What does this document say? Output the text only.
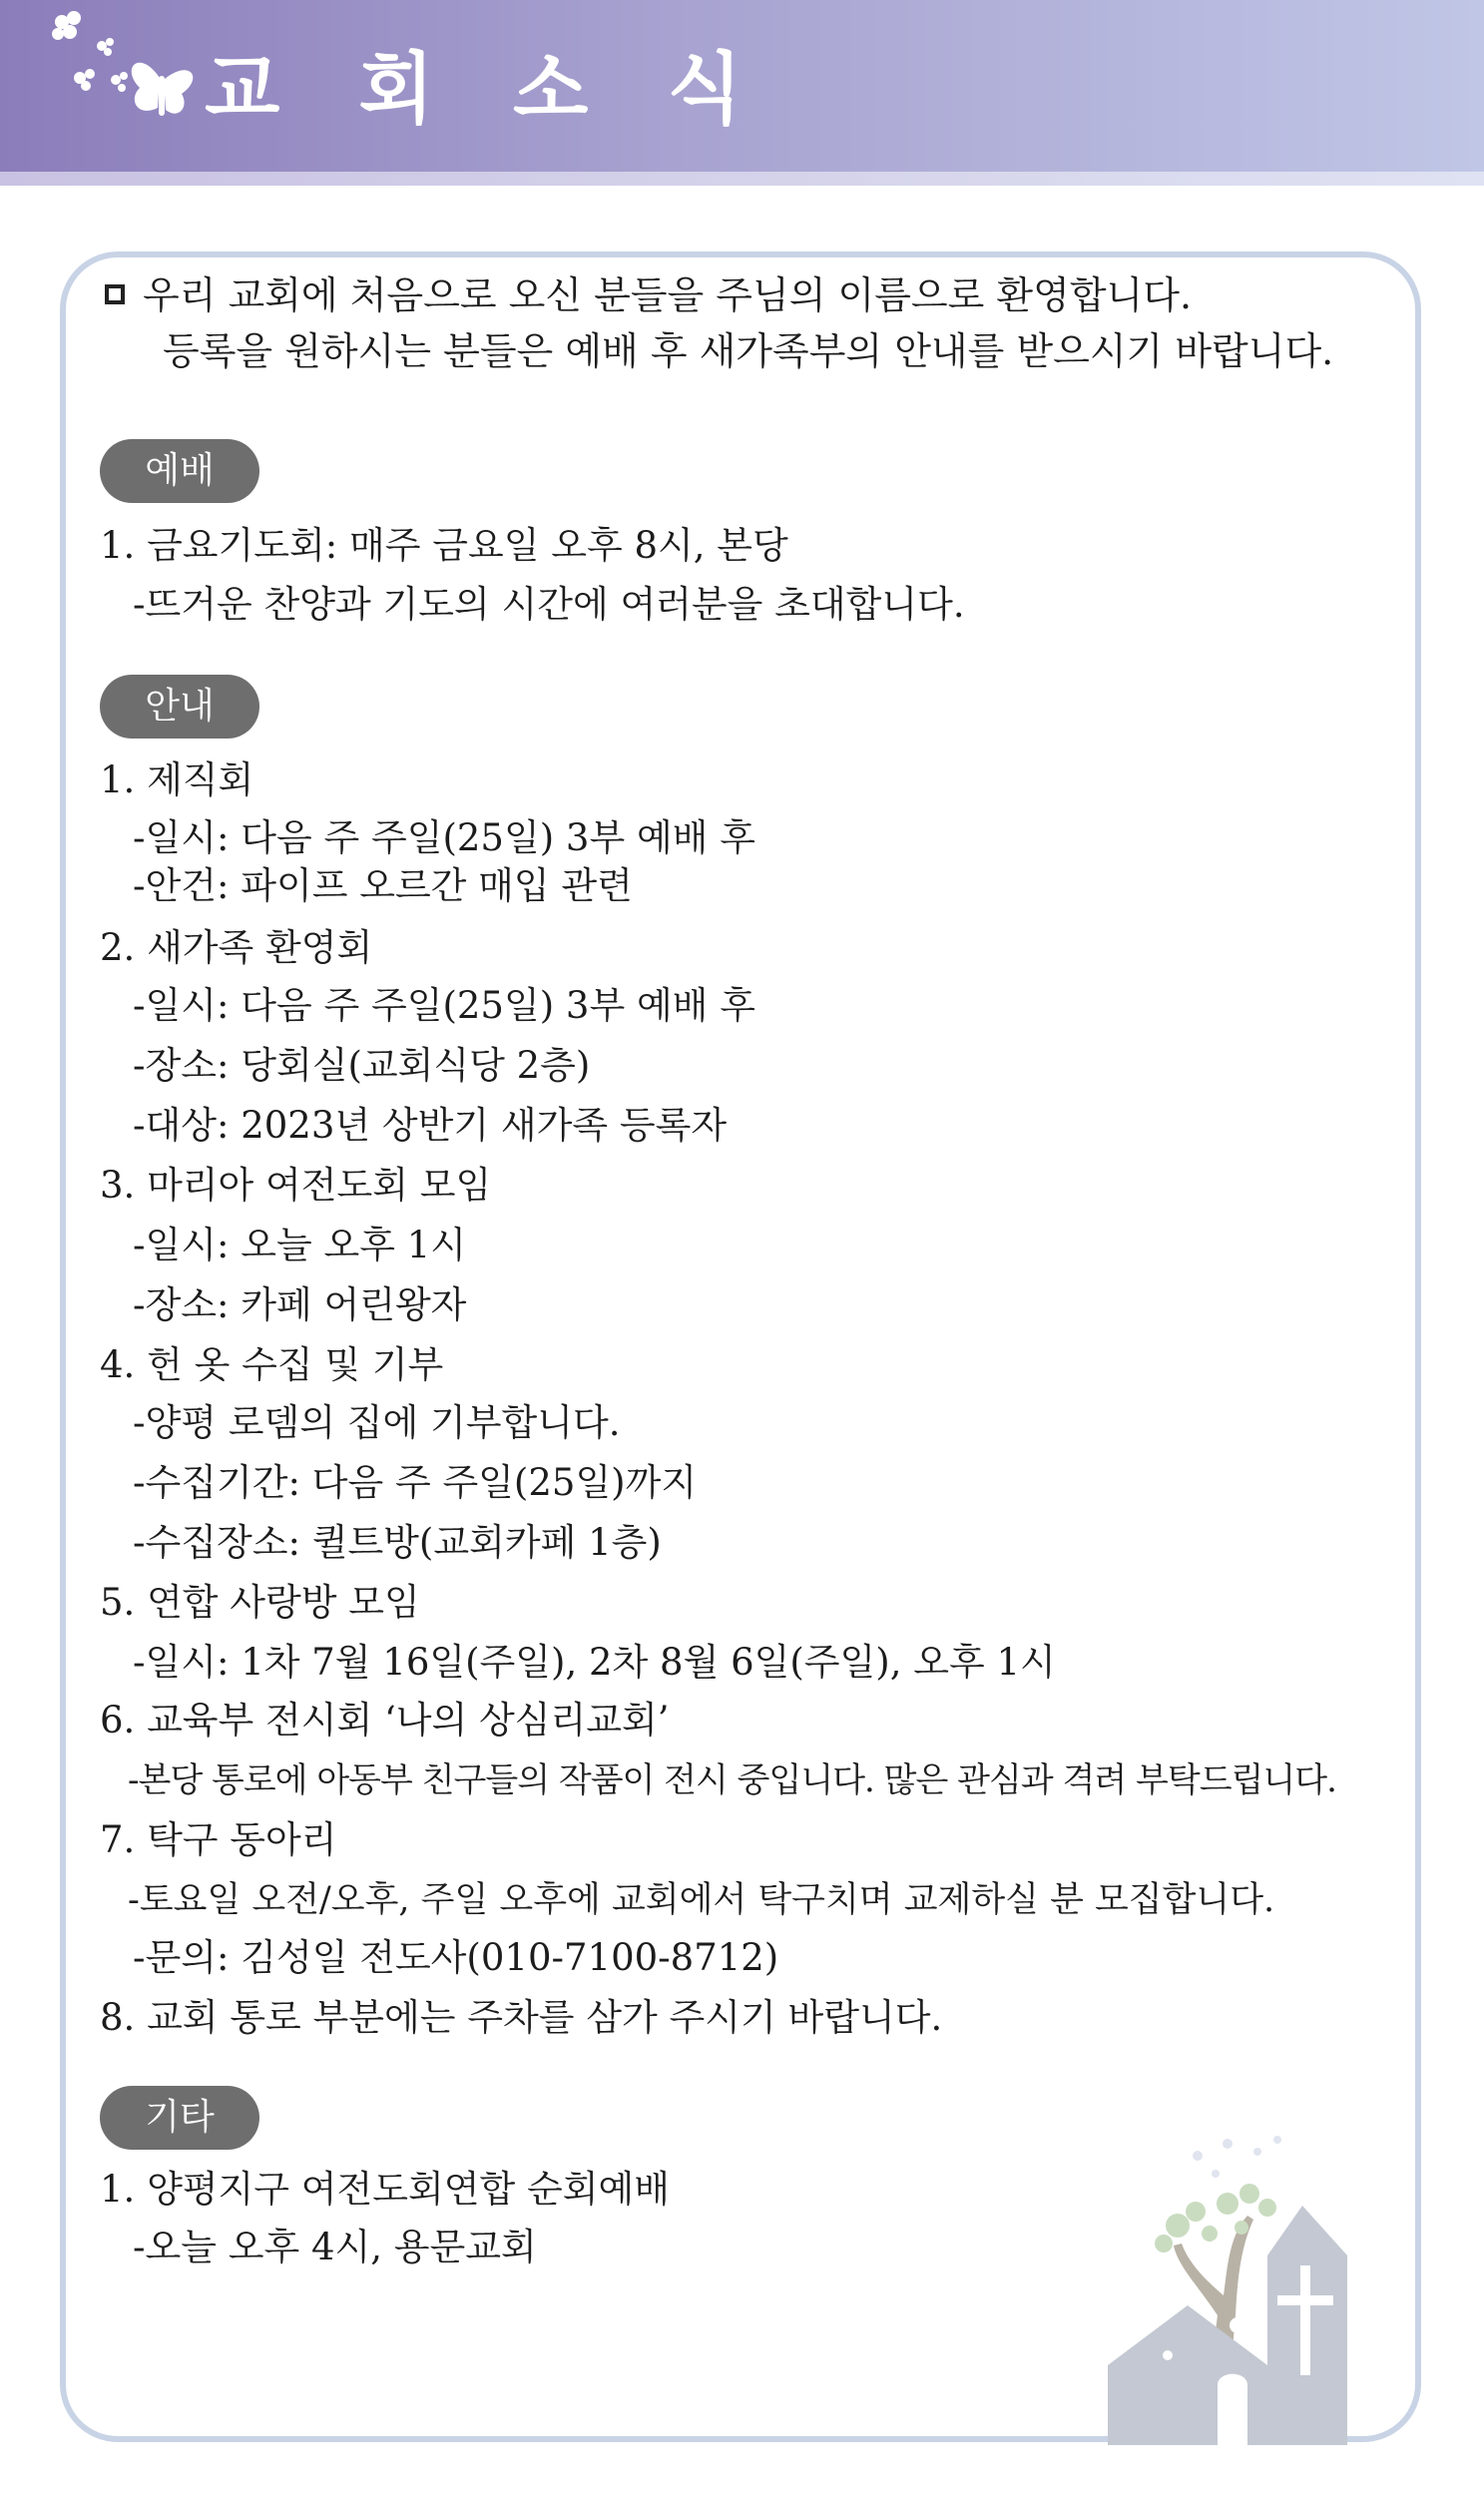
교 회 소 식
우리 교회에 처음으로 오신 분들을 주님의 이름으로 환영합니다.
등록을 원하시는 분들은 예배 후 새가족부의 안내를 받으시기 바랍니다.
예배
1. 금요기도회: 매주 금요일 오후 8시, 본당
-뜨거운 찬양과 기도의 시간에 여러분을 초대합니다.
안내
1. 제직회
-일시: 다음 주 주일(25일) 3부 예배 후
-안건: 파이프 오르간 매입 관련
2. 새가족 환영회
-일시: 다음 주 주일(25일) 3부 예배 후
-장소: 당회실(교회식당 2층)
-대상: 2023년 상반기 새가족 등록자
3. 마리아 여전도회 모임
-일시: 오늘 오후 1시
-장소: 카페 어린왕자
4. 헌 옷 수집 및 기부
-양평 로뎀의 집에 기부합니다.
-수집기간: 다음 주 주일(25일)까지
-수집장소: 퀼트방(교회카페 1층)
5. 연합 사랑방 모임
-일시: 1차 7월 16일(주일), 2차 8월 6일(주일), 오후 1시
6. 교육부 전시회 ‘나의 상심리교회’
-본당 통로에 아동부 친구들의 작품이 전시 중입니다. 많은 관심과 격려 부탁드립니다.
7. 탁구 동아리
-토요일 오전/오후, 주일 오후에 교회에서 탁구치며 교제하실 분 모집합니다.
-문의: 김성일 전도사(010-7100-8712)
8. 교회 통로 부분에는 주차를 삼가 주시기 바랍니다.
기타
1. 양평지구 여전도회연합 순회예배
-오늘 오후 4시, 용문교회
